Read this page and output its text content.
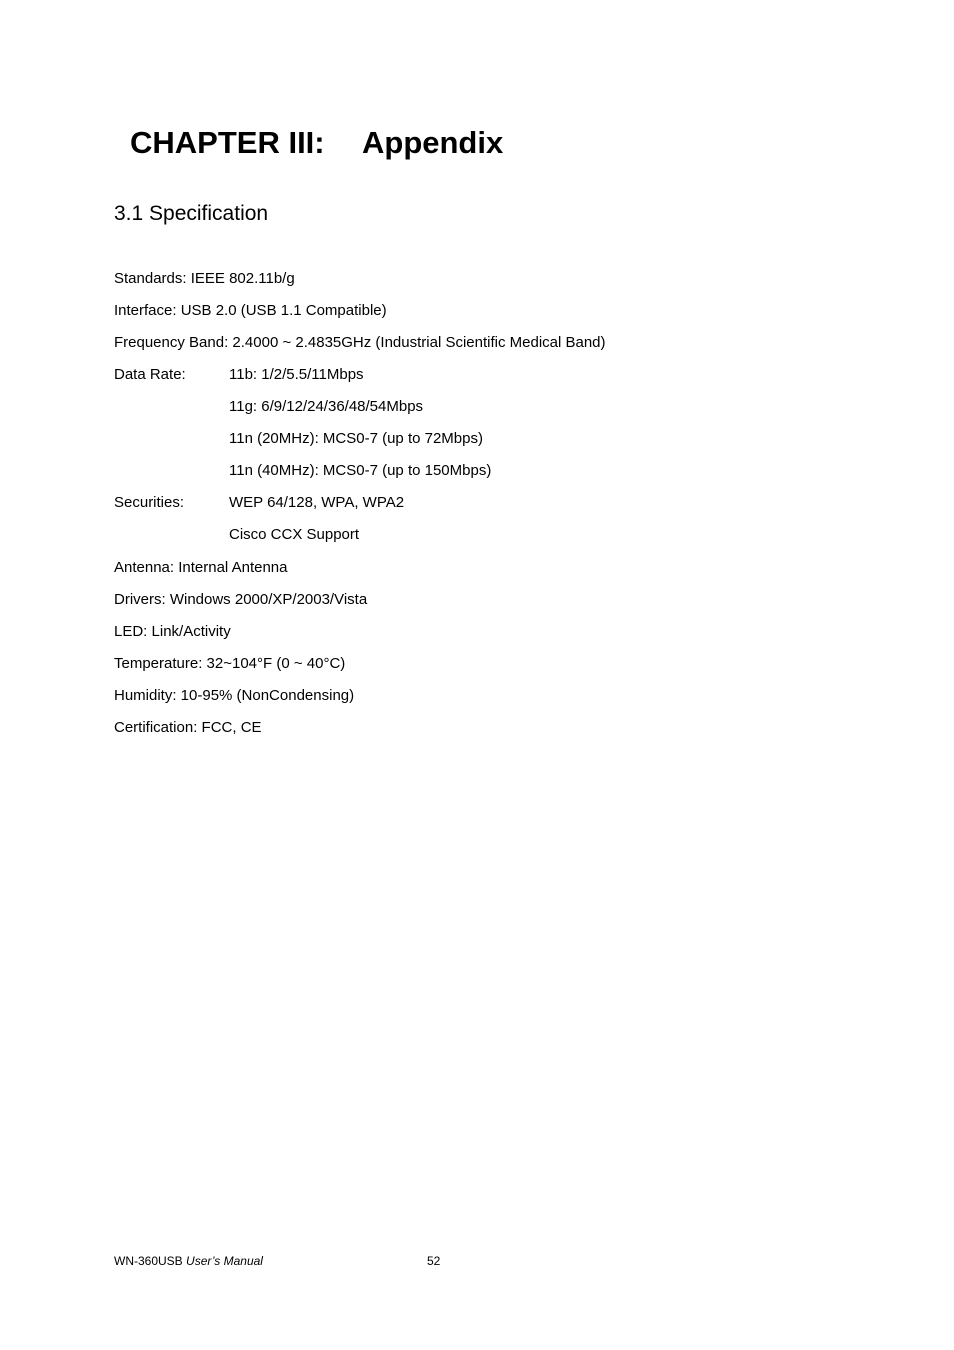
CHAPTER III: Appendix
3.1 Specification
Standards: IEEE 802.11b/g
Interface: USB 2.0 (USB 1.1 Compatible)
Frequency Band: 2.4000 ~ 2.4835GHz (Industrial Scientific Medical Band)
Data Rate:	11b: 1/2/5.5/11Mbps
11g: 6/9/12/24/36/48/54Mbps
11n (20MHz): MCS0-7 (up to 72Mbps)
11n (40MHz): MCS0-7 (up to 150Mbps)
Securities:	WEP 64/128, WPA, WPA2
Cisco CCX Support
Antenna: Internal Antenna
Drivers: Windows 2000/XP/2003/Vista
LED: Link/Activity
Temperature: 32~104°F (0 ~ 40°C)
Humidity: 10-95% (NonCondensing)
Certification: FCC, CE
WN-360USB User’s Manual	52
